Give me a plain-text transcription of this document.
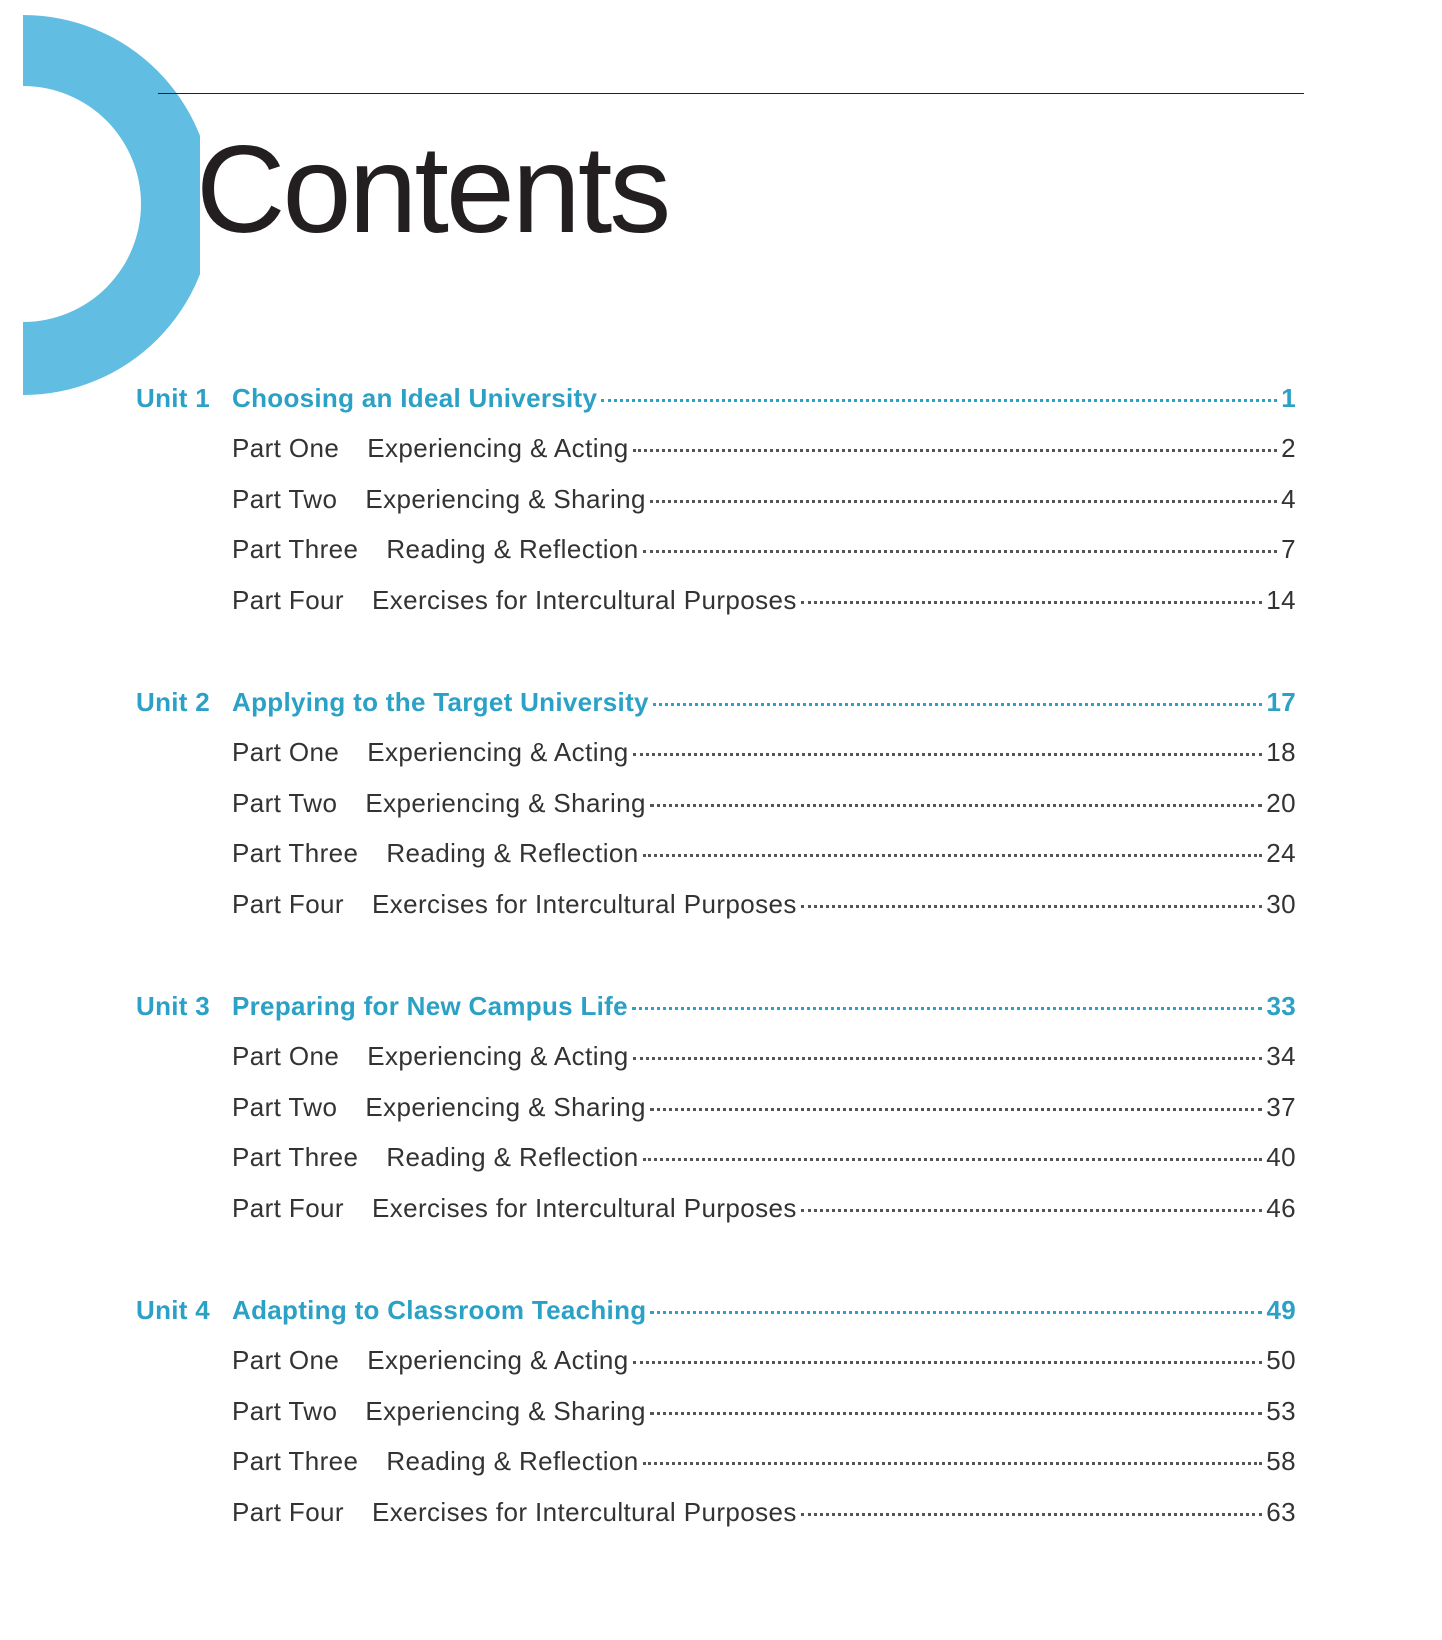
Contents
Unit 1 Choosing an Ideal University	1
Part One Experiencing & Acting	2
Part Two Experiencing & Sharing	4
Part Three Reading & Reflection	7
Part Four Exercises for Intercultural Purposes	14
Unit 2 Applying to the Target University	17
Part One Experiencing & Acting	18
Part Two Experiencing & Sharing	20
Part Three Reading & Reflection	24
Part Four Exercises for Intercultural Purposes	30
Unit 3 Preparing for New Campus Life	33
Part One Experiencing & Acting	34
Part Two Experiencing & Sharing	37
Part Three Reading & Reflection	40
Part Four Exercises for Intercultural Purposes	46
Unit 4 Adapting to Classroom Teaching	49
Part One Experiencing & Acting	50
Part Two Experiencing & Sharing	53
Part Three Reading & Reflection	58
Part Four Exercises for Intercultural Purposes	63
